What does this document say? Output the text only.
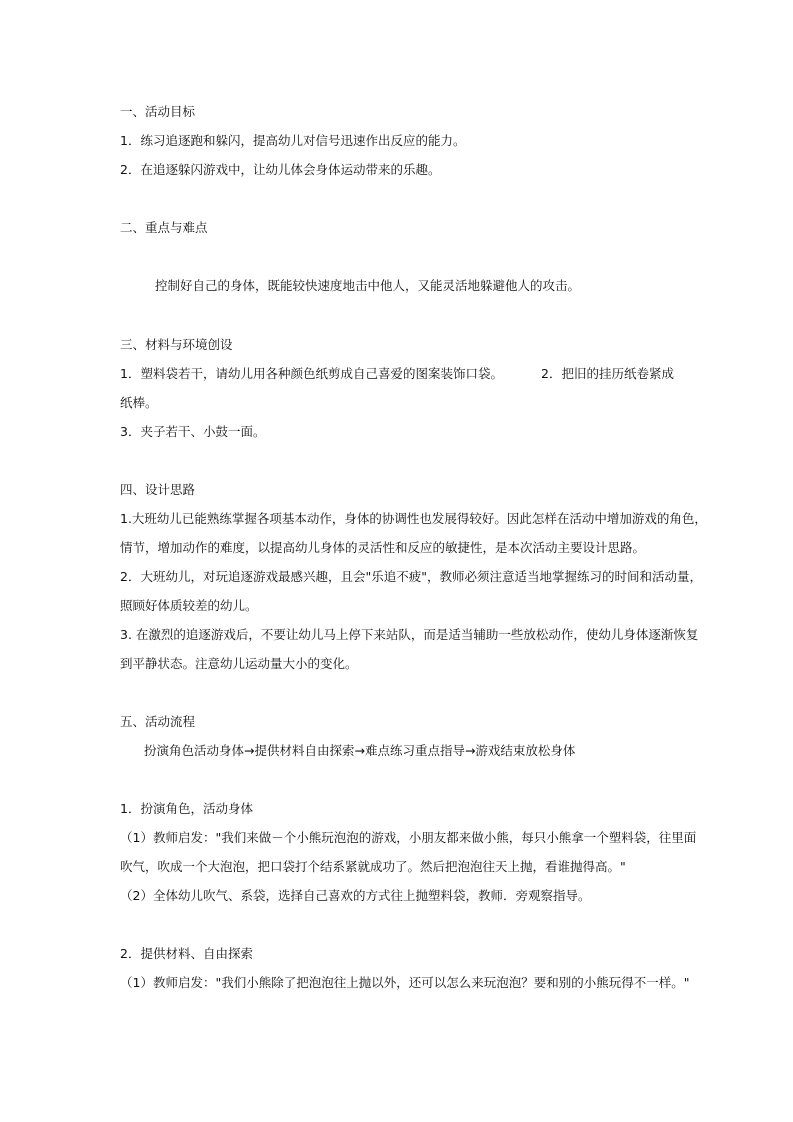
一、活动目标
1．练习追逐跑和躲闪，提高幼儿对信号迅速作出反应的能力。
2．在追逐躲闪游戏中，让幼儿体会身体运动带来的乐趣。
二、重点与难点
控制好自己的身体，既能较快速度地击中他人，又能灵活地躲避他人的攻击。
三、材料与环境创设
1．塑料袋若干，请幼儿用各种颜色纸剪成自己喜爱的图案装饰口袋。	2．把旧的挂历纸卷紧成
纸棒。
3．夹子若干、小鼓一面。
四、设计思路
1.大班幼儿已能熟练掌握各项基本动作，身体的协调性也发展得较好。因此怎样在活动中增加游戏的角色，
情节，增加动作的难度，以提高幼儿身体的灵活性和反应的敏捷性，是本次活动主要设计思路。
2．大班幼儿，对玩追逐游戏最感兴趣，且会"乐追不疲"，教师必须注意适当地掌握练习的时间和活动量，
照顾好体质较差的幼儿。
3. 在激烈的追逐游戏后，不要让幼儿马上停下来站队，而是适当辅助一些放松动作，使幼儿身体逐渐恢复
到平静状态。注意幼儿运动量大小的变化。
五、活动流程
扮演角色活动身体→提供材料自由探索→难点练习重点指导→游戏结束放松身体
1．扮演角色，活动身体
（1）教师启发："我们来做－个小熊玩泡泡的游戏，小朋友都来做小熊，每只小熊拿一个塑料袋，往里面
吹气，吹成一个大泡泡，把口袋打个结系紧就成功了。然后把泡泡往天上抛，看谁抛得高。"
（2）全体幼儿吹气、系袋，选择自己喜欢的方式往上抛塑料袋，教师．旁观察指导。
2．提供材料、自由探索
（1）教师启发："我们小熊除了把泡泡往上抛以外，还可以怎么来玩泡泡？要和别的小熊玩得不一样。"
